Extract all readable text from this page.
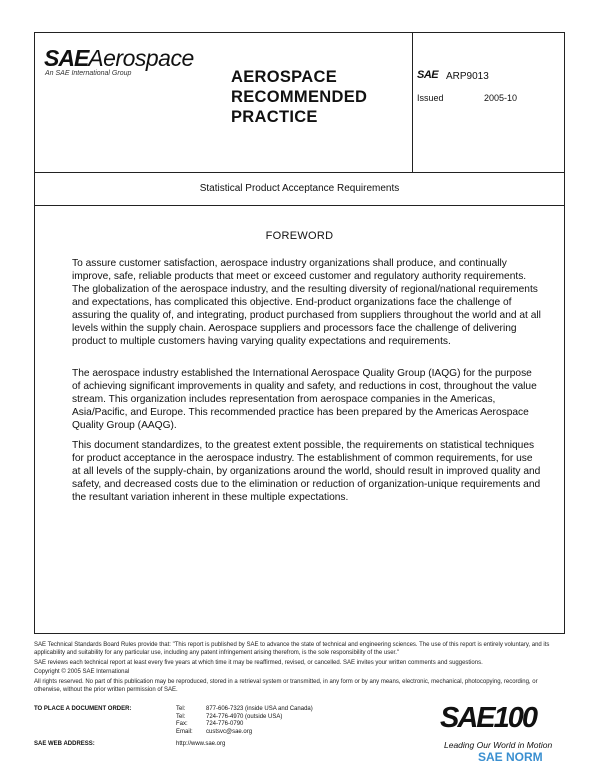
SAEAerospace
An SAE International Group	AEROSPACE
RECOMMENDED
PRACTICE
SAE ARP9013
Issued	2005-10
Statistical Product Acceptance Requirements
FOREWORD
To assure customer satisfaction, aerospace industry organizations shall produce, and continually improve, safe, reliable products that meet or exceed customer and regulatory authority requirements. The globalization of the aerospace industry, and the resulting diversity of regional/national requirements and expectations, has complicated this objective. End-product organizations face the challenge of assuring the quality of, and integrating, product purchased from suppliers throughout the world and at all levels within the supply chain. Aerospace suppliers and processors face the challenge of delivering product to multiple customers having varying quality expectations and requirements.
The aerospace industry established the International Aerospace Quality Group (IAQG) for the purpose of achieving significant improvements in quality and safety, and reductions in cost, throughout the value stream. This organization includes representation from aerospace companies in the Americas, Asia/Pacific, and Europe. This recommended practice has been prepared by the Americas Aerospace Quality Group (AAQG).
This document standardizes, to the greatest extent possible, the requirements on statistical techniques for product acceptance in the aerospace industry. The establishment of common requirements, for use at all levels of the supply-chain, by organizations around the world, should result in improved quality and safety, and decreased costs due to the elimination or reduction of organization-unique requirements and the resultant variation inherent in these multiple expectations.

SAE Technical Standards Board Rules provide that: "This report is published by SAE to advance the state of technical and engineering sciences. The use of this report is entirely voluntary, and its applicability and suitability for any particular use, including any patent infringement arising therefrom, is the sole responsibility of the user."

SAE reviews each technical report at least every five years at which time it may be reaffirmed, revised, or cancelled. SAE invites your written comments and suggestions.

Copyright © 2005 SAE International

All rights reserved. No part of this publication may be reproduced, stored in a retrieval system or transmitted, in any form or by any means, electronic, mechanical, photocopying, recording, or otherwise, without the prior written permission of SAE.

TO PLACE A DOCUMENT ORDER:	Tel:	877-606-7323 (inside USA and Canada)
Tel:	724-776-4970 (outside USA)
Fax:	724-776-0790
Email: custsvc@sae.org
SAE WEB ADDRESS:	http://www.sae.org
SAE100
Leading Our World in Motion
SAE NORM
